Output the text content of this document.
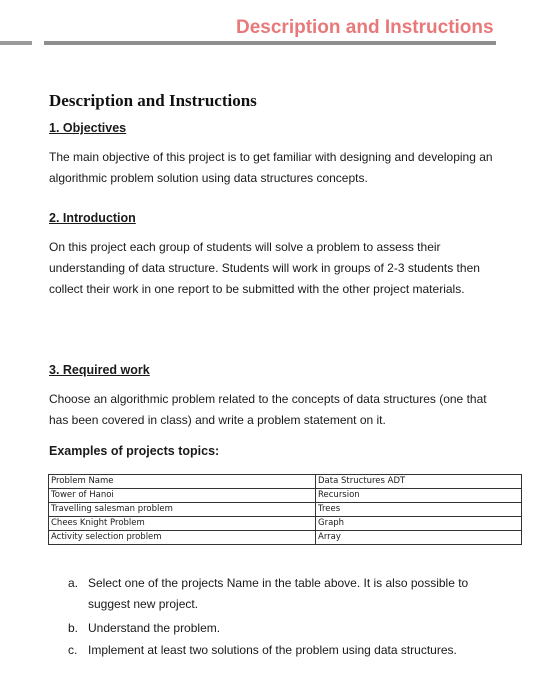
Description and Instructions
Description and Instructions
1. Objectives
The main objective of this project is to get familiar with designing and developing an algorithmic problem solution using data structures concepts.
2. Introduction
On this project each group of students will solve a problem to assess their understanding of data structure. Students will work in groups of 2-3 students then collect their work in one report to be submitted with the other project materials.
3. Required work
Choose an algorithmic problem related to the concepts of data structures (one that has been covered in class) and write a problem statement on it.
Examples of projects topics:
Problem Name	Data Structures ADT
Tower of Hanoi	Recursion
Travelling salesman problem	Trees
Chees Knight Problem	Graph
Activity selection problem	Array
a. Select one of the projects Name in the table above. It is also possible to suggest new project.
b. Understand the problem.
c. Implement at least two solutions of the problem using data structures.
